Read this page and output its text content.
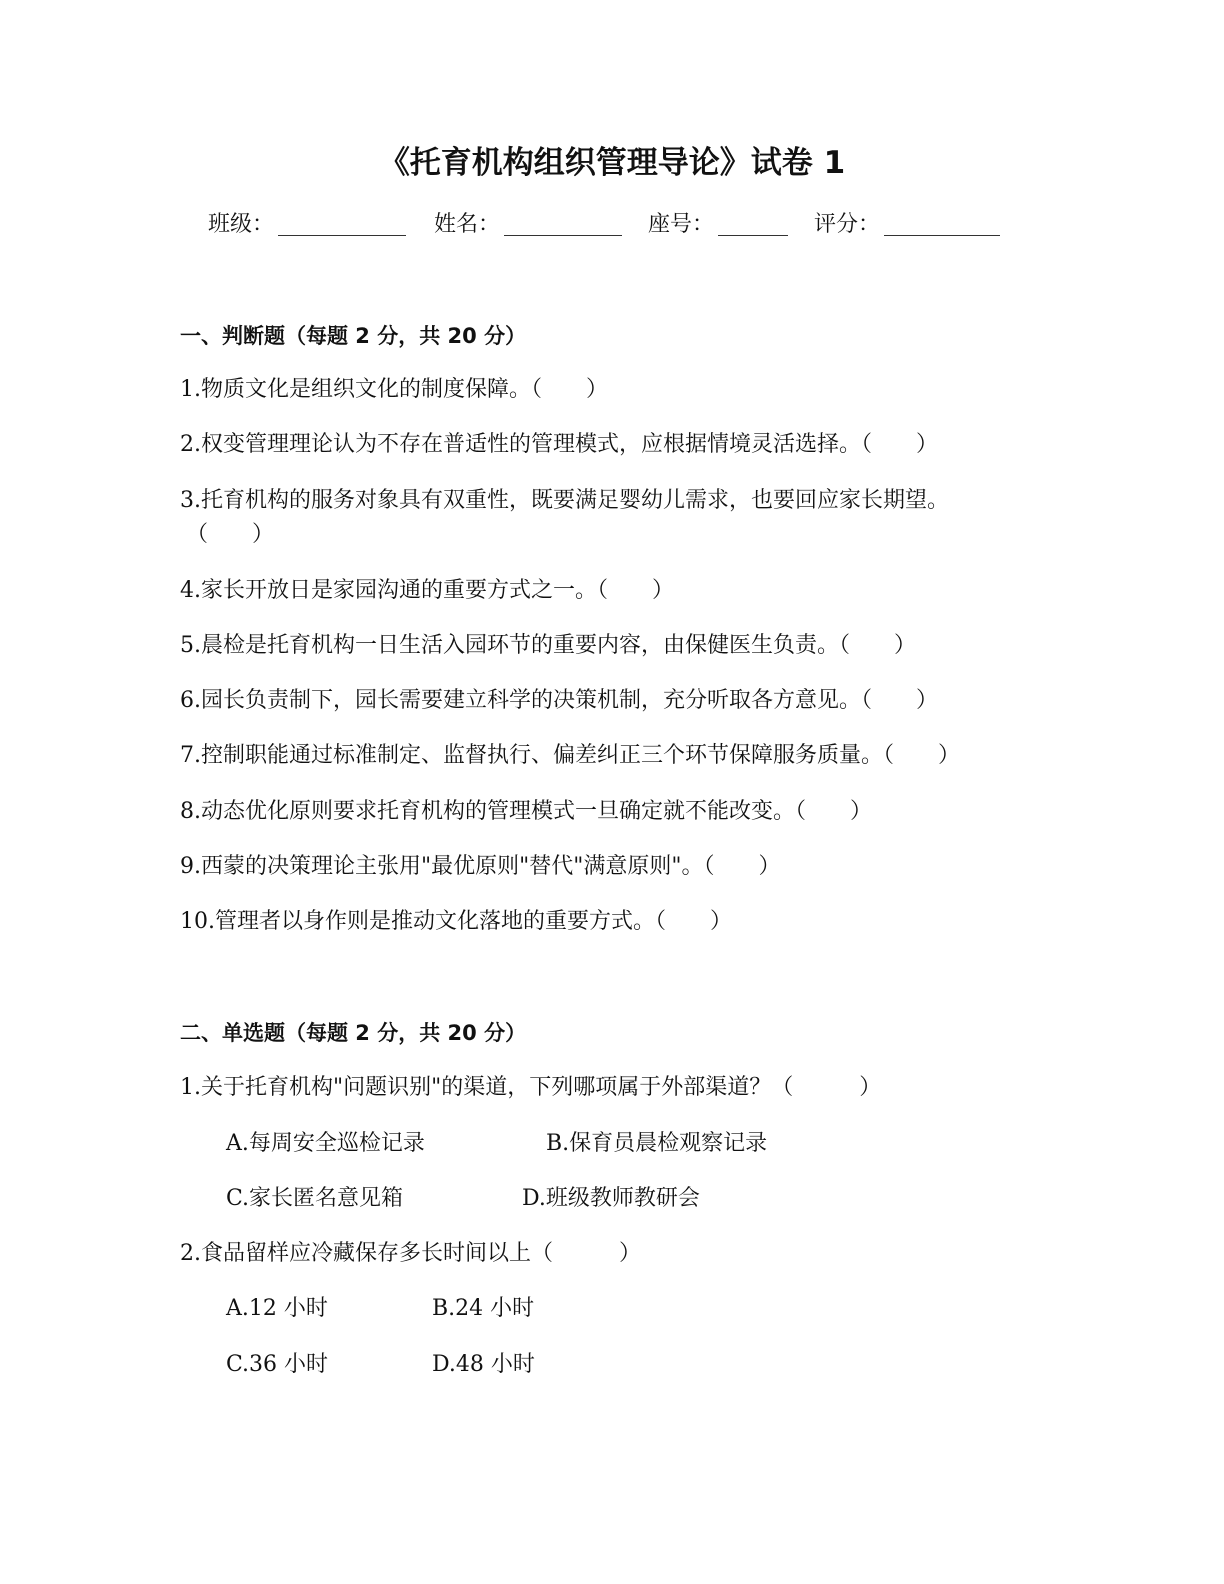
《托育机构组织管理导论》试卷 1
班级：	姓名：	座号：	评分：
一、判断题（每题 2 分，共 20 分）
1.物质文化是组织文化的制度保障。（　　）
2.权变管理理论认为不存在普适性的管理模式，应根据情境灵活选择。（　　）
3.托育机构的服务对象具有双重性，既要满足婴幼儿需求，也要回应家长期望。
（　　）
4.家长开放日是家园沟通的重要方式之一。（　　）
5.晨检是托育机构一日生活入园环节的重要内容，由保健医生负责。（　　）
6.园长负责制下，园长需要建立科学的决策机制，充分听取各方意见。（　　）
7.控制职能通过标准制定、监督执行、偏差纠正三个环节保障服务质量。（　　）
8.动态优化原则要求托育机构的管理模式一旦确定就不能改变。（　　）
9.西蒙的决策理论主张用"最优原则"替代"满意原则"。（　　）
10.管理者以身作则是推动文化落地的重要方式。（　　）
二、单选题（每题 2 分，共 20 分）
1.关于托育机构"问题识别"的渠道，下列哪项属于外部渠道？（　　　）
A.每周安全巡检记录	B.保育员晨检观察记录
C.家长匿名意见箱	D.班级教师教研会
2.食品留样应冷藏保存多长时间以上（　　　）
A.12 小时	B.24 小时
C.36 小时	D.48 小时
